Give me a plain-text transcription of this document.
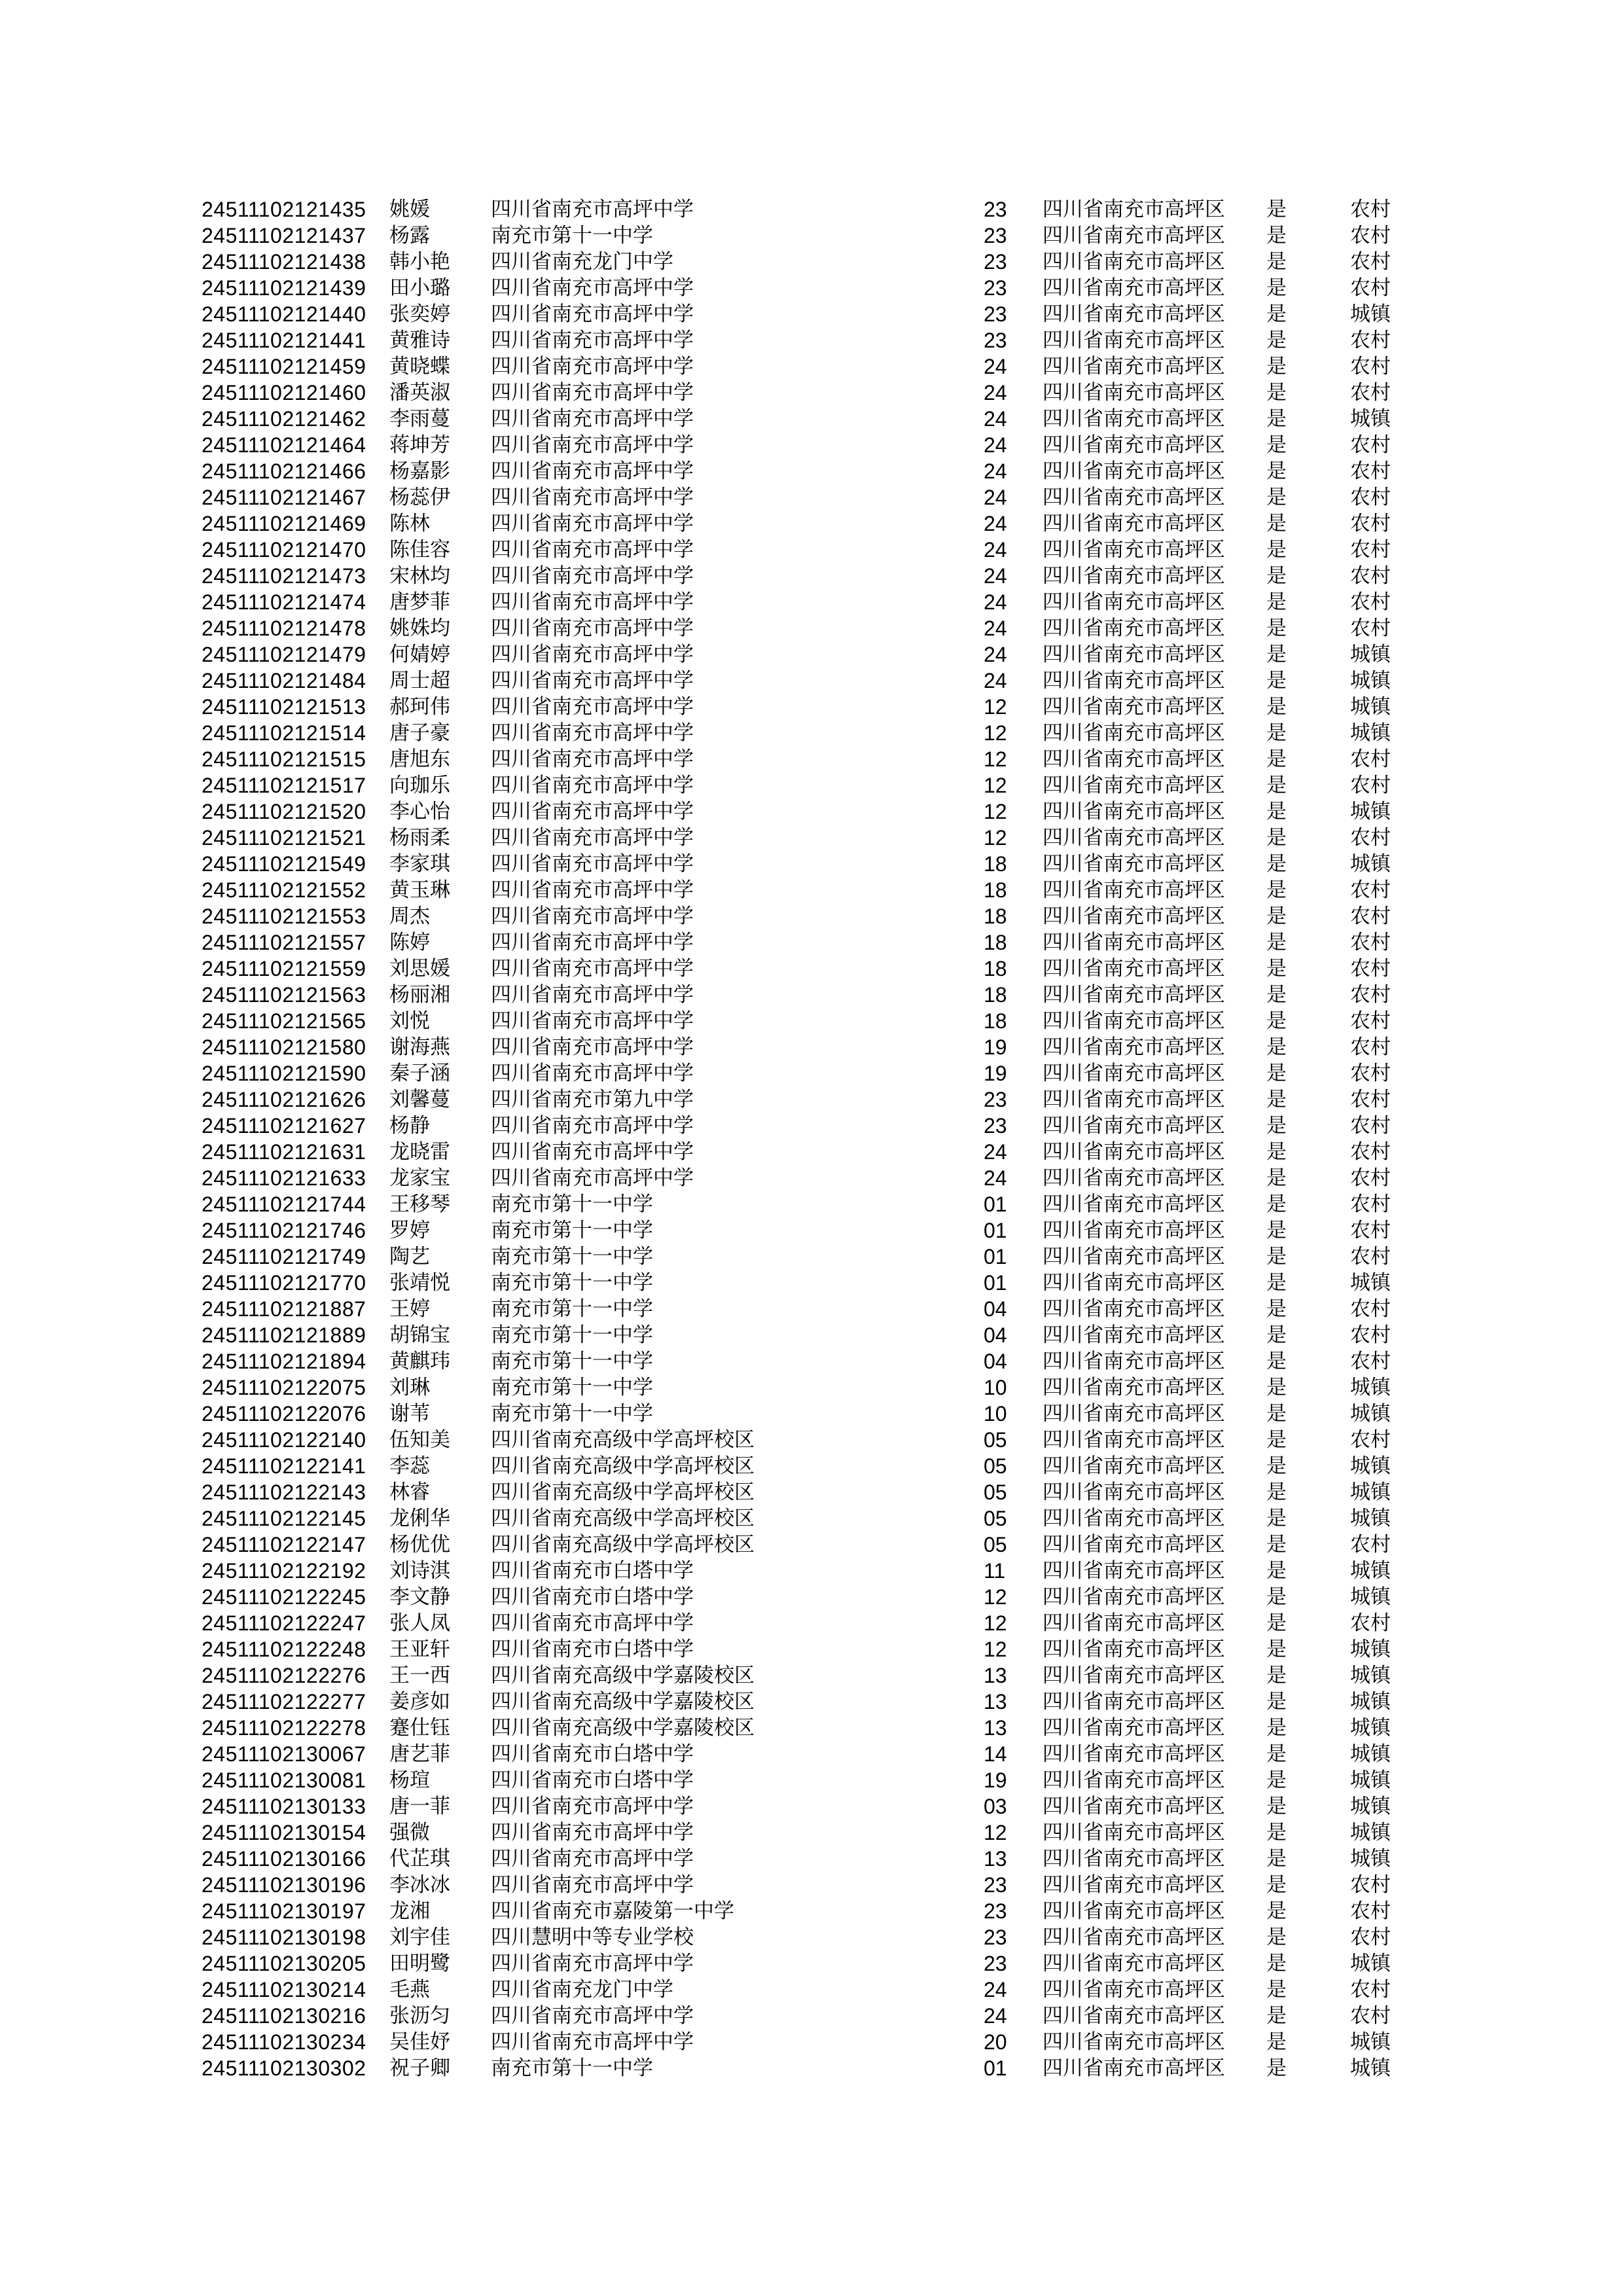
24511102121435 姚媛	四川省南充市高坪中学	23 四川省南充市高坪区 是	农村
24511102121437 杨露	南充市第十一中学	23 四川省南充市高坪区 是	农村
24511102121438 韩小艳 四川省南充龙门中学	23 四川省南充市高坪区 是	农村
24511102121439 田小璐 四川省南充市高坪中学	23 四川省南充市高坪区 是	农村
24511102121440 张奕婷 四川省南充市高坪中学	23 四川省南充市高坪区 是	城镇
24511102121441 黄雅诗 四川省南充市高坪中学	23 四川省南充市高坪区 是	农村
24511102121459 黄晓蝶 四川省南充市高坪中学	24 四川省南充市高坪区 是	农村
24511102121460 潘英淑 四川省南充市高坪中学	24 四川省南充市高坪区 是	农村
24511102121462 李雨蔓 四川省南充市高坪中学	24 四川省南充市高坪区 是	城镇
24511102121464 蒋坤芳 四川省南充市高坪中学	24 四川省南充市高坪区 是	农村
24511102121466 杨嘉影 四川省南充市高坪中学	24 四川省南充市高坪区 是	农村
24511102121467 杨蕊伊 四川省南充市高坪中学	24 四川省南充市高坪区 是	农村
24511102121469 陈林	四川省南充市高坪中学	24 四川省南充市高坪区 是	农村
24511102121470 陈佳容 四川省南充市高坪中学	24 四川省南充市高坪区 是	农村
24511102121473 宋林均 四川省南充市高坪中学	24 四川省南充市高坪区 是	农村
24511102121474 唐梦菲 四川省南充市高坪中学	24 四川省南充市高坪区 是	农村
24511102121478 姚姝均 四川省南充市高坪中学	24 四川省南充市高坪区 是	农村
24511102121479 何婧婷 四川省南充市高坪中学	24 四川省南充市高坪区 是	城镇
24511102121484 周士超 四川省南充市高坪中学	24 四川省南充市高坪区 是	城镇
24511102121513 郝珂伟 四川省南充市高坪中学	12 四川省南充市高坪区 是	城镇
24511102121514 唐子豪 四川省南充市高坪中学	12 四川省南充市高坪区 是	城镇
24511102121515 唐旭东 四川省南充市高坪中学	12 四川省南充市高坪区 是	农村
24511102121517 向珈乐 四川省南充市高坪中学	12 四川省南充市高坪区 是	农村
24511102121520 李心怡 四川省南充市高坪中学	12 四川省南充市高坪区 是	城镇
24511102121521 杨雨柔 四川省南充市高坪中学	12 四川省南充市高坪区 是	农村
24511102121549 李家琪 四川省南充市高坪中学	18 四川省南充市高坪区 是	城镇
24511102121552 黄玉琳 四川省南充市高坪中学	18 四川省南充市高坪区 是	农村
24511102121553 周杰	四川省南充市高坪中学	18 四川省南充市高坪区 是	农村
24511102121557 陈婷	四川省南充市高坪中学	18 四川省南充市高坪区 是	农村
24511102121559 刘思媛 四川省南充市高坪中学	18 四川省南充市高坪区 是	农村
24511102121563 杨丽湘 四川省南充市高坪中学	18 四川省南充市高坪区 是	农村
24511102121565 刘悦	四川省南充市高坪中学	18 四川省南充市高坪区 是	农村
24511102121580 谢海燕 四川省南充市高坪中学	19 四川省南充市高坪区 是	农村
24511102121590 秦子涵 四川省南充市高坪中学	19 四川省南充市高坪区 是	农村
24511102121626 刘馨蔓 四川省南充市第九中学	23 四川省南充市高坪区 是	农村
24511102121627 杨静	四川省南充市高坪中学	23 四川省南充市高坪区 是	农村
24511102121631 龙晓雷 四川省南充市高坪中学	24 四川省南充市高坪区 是	农村
24511102121633 龙家宝 四川省南充市高坪中学	24 四川省南充市高坪区 是	农村
24511102121744 王移琴 南充市第十一中学	01 四川省南充市高坪区 是	农村
24511102121746 罗婷	南充市第十一中学	01 四川省南充市高坪区 是	农村
24511102121749 陶艺	南充市第十一中学	01 四川省南充市高坪区 是	农村
24511102121770 张靖悦 南充市第十一中学	01 四川省南充市高坪区 是	城镇
24511102121887 王婷	南充市第十一中学	04 四川省南充市高坪区 是	农村
24511102121889 胡锦宝 南充市第十一中学	04 四川省南充市高坪区 是	农村
24511102121894 黄麒玮 南充市第十一中学	04 四川省南充市高坪区 是	农村
24511102122075 刘琳	南充市第十一中学	10 四川省南充市高坪区 是	城镇
24511102122076 谢苇	南充市第十一中学	10 四川省南充市高坪区 是	城镇
24511102122140 伍知美 四川省南充高级中学高坪校区	05 四川省南充市高坪区 是	农村
24511102122141 李蕊	四川省南充高级中学高坪校区	05 四川省南充市高坪区 是	城镇
24511102122143 林睿	四川省南充高级中学高坪校区	05 四川省南充市高坪区 是	城镇
24511102122145 龙俐华 四川省南充高级中学高坪校区	05 四川省南充市高坪区 是	城镇
24511102122147 杨优优 四川省南充高级中学高坪校区	05 四川省南充市高坪区 是	农村
24511102122192 刘诗淇 四川省南充市白塔中学	11 四川省南充市高坪区 是	城镇
24511102122245 李文静 四川省南充市白塔中学	12 四川省南充市高坪区 是	城镇
24511102122247 张人凤 四川省南充市高坪中学	12 四川省南充市高坪区 是	农村
24511102122248 王亚轩 四川省南充市白塔中学	12 四川省南充市高坪区 是	城镇
24511102122276 王一西 四川省南充高级中学嘉陵校区	13 四川省南充市高坪区 是	城镇
24511102122277 姜彦如 四川省南充高级中学嘉陵校区	13 四川省南充市高坪区 是	城镇
24511102122278 蹇仕钰 四川省南充高级中学嘉陵校区	13 四川省南充市高坪区 是	城镇
24511102130067 唐艺菲 四川省南充市白塔中学	14 四川省南充市高坪区 是	城镇
24511102130081 杨瑄	四川省南充市白塔中学	19 四川省南充市高坪区 是	城镇
24511102130133 唐一菲 四川省南充市高坪中学	03 四川省南充市高坪区 是	城镇
24511102130154 强微	四川省南充市高坪中学	12 四川省南充市高坪区 是	城镇
24511102130166 代芷琪 四川省南充市高坪中学	13 四川省南充市高坪区 是	城镇
24511102130196 李冰冰 四川省南充市高坪中学	23 四川省南充市高坪区 是	农村
24511102130197 龙湘	四川省南充市嘉陵第一中学	23 四川省南充市高坪区 是	农村
24511102130198 刘宇佳 四川慧明中等专业学校	23 四川省南充市高坪区 是	农村
24511102130205 田明鹭 四川省南充市高坪中学	23 四川省南充市高坪区 是	城镇
24511102130214 毛燕	四川省南充龙门中学	24 四川省南充市高坪区 是	农村
24511102130216 张沥匀 四川省南充市高坪中学	24 四川省南充市高坪区 是	农村
24511102130234 吴佳妤 四川省南充市高坪中学	20 四川省南充市高坪区 是	城镇
24511102130302 祝子卿 南充市第十一中学	01 四川省南充市高坪区 是	城镇
